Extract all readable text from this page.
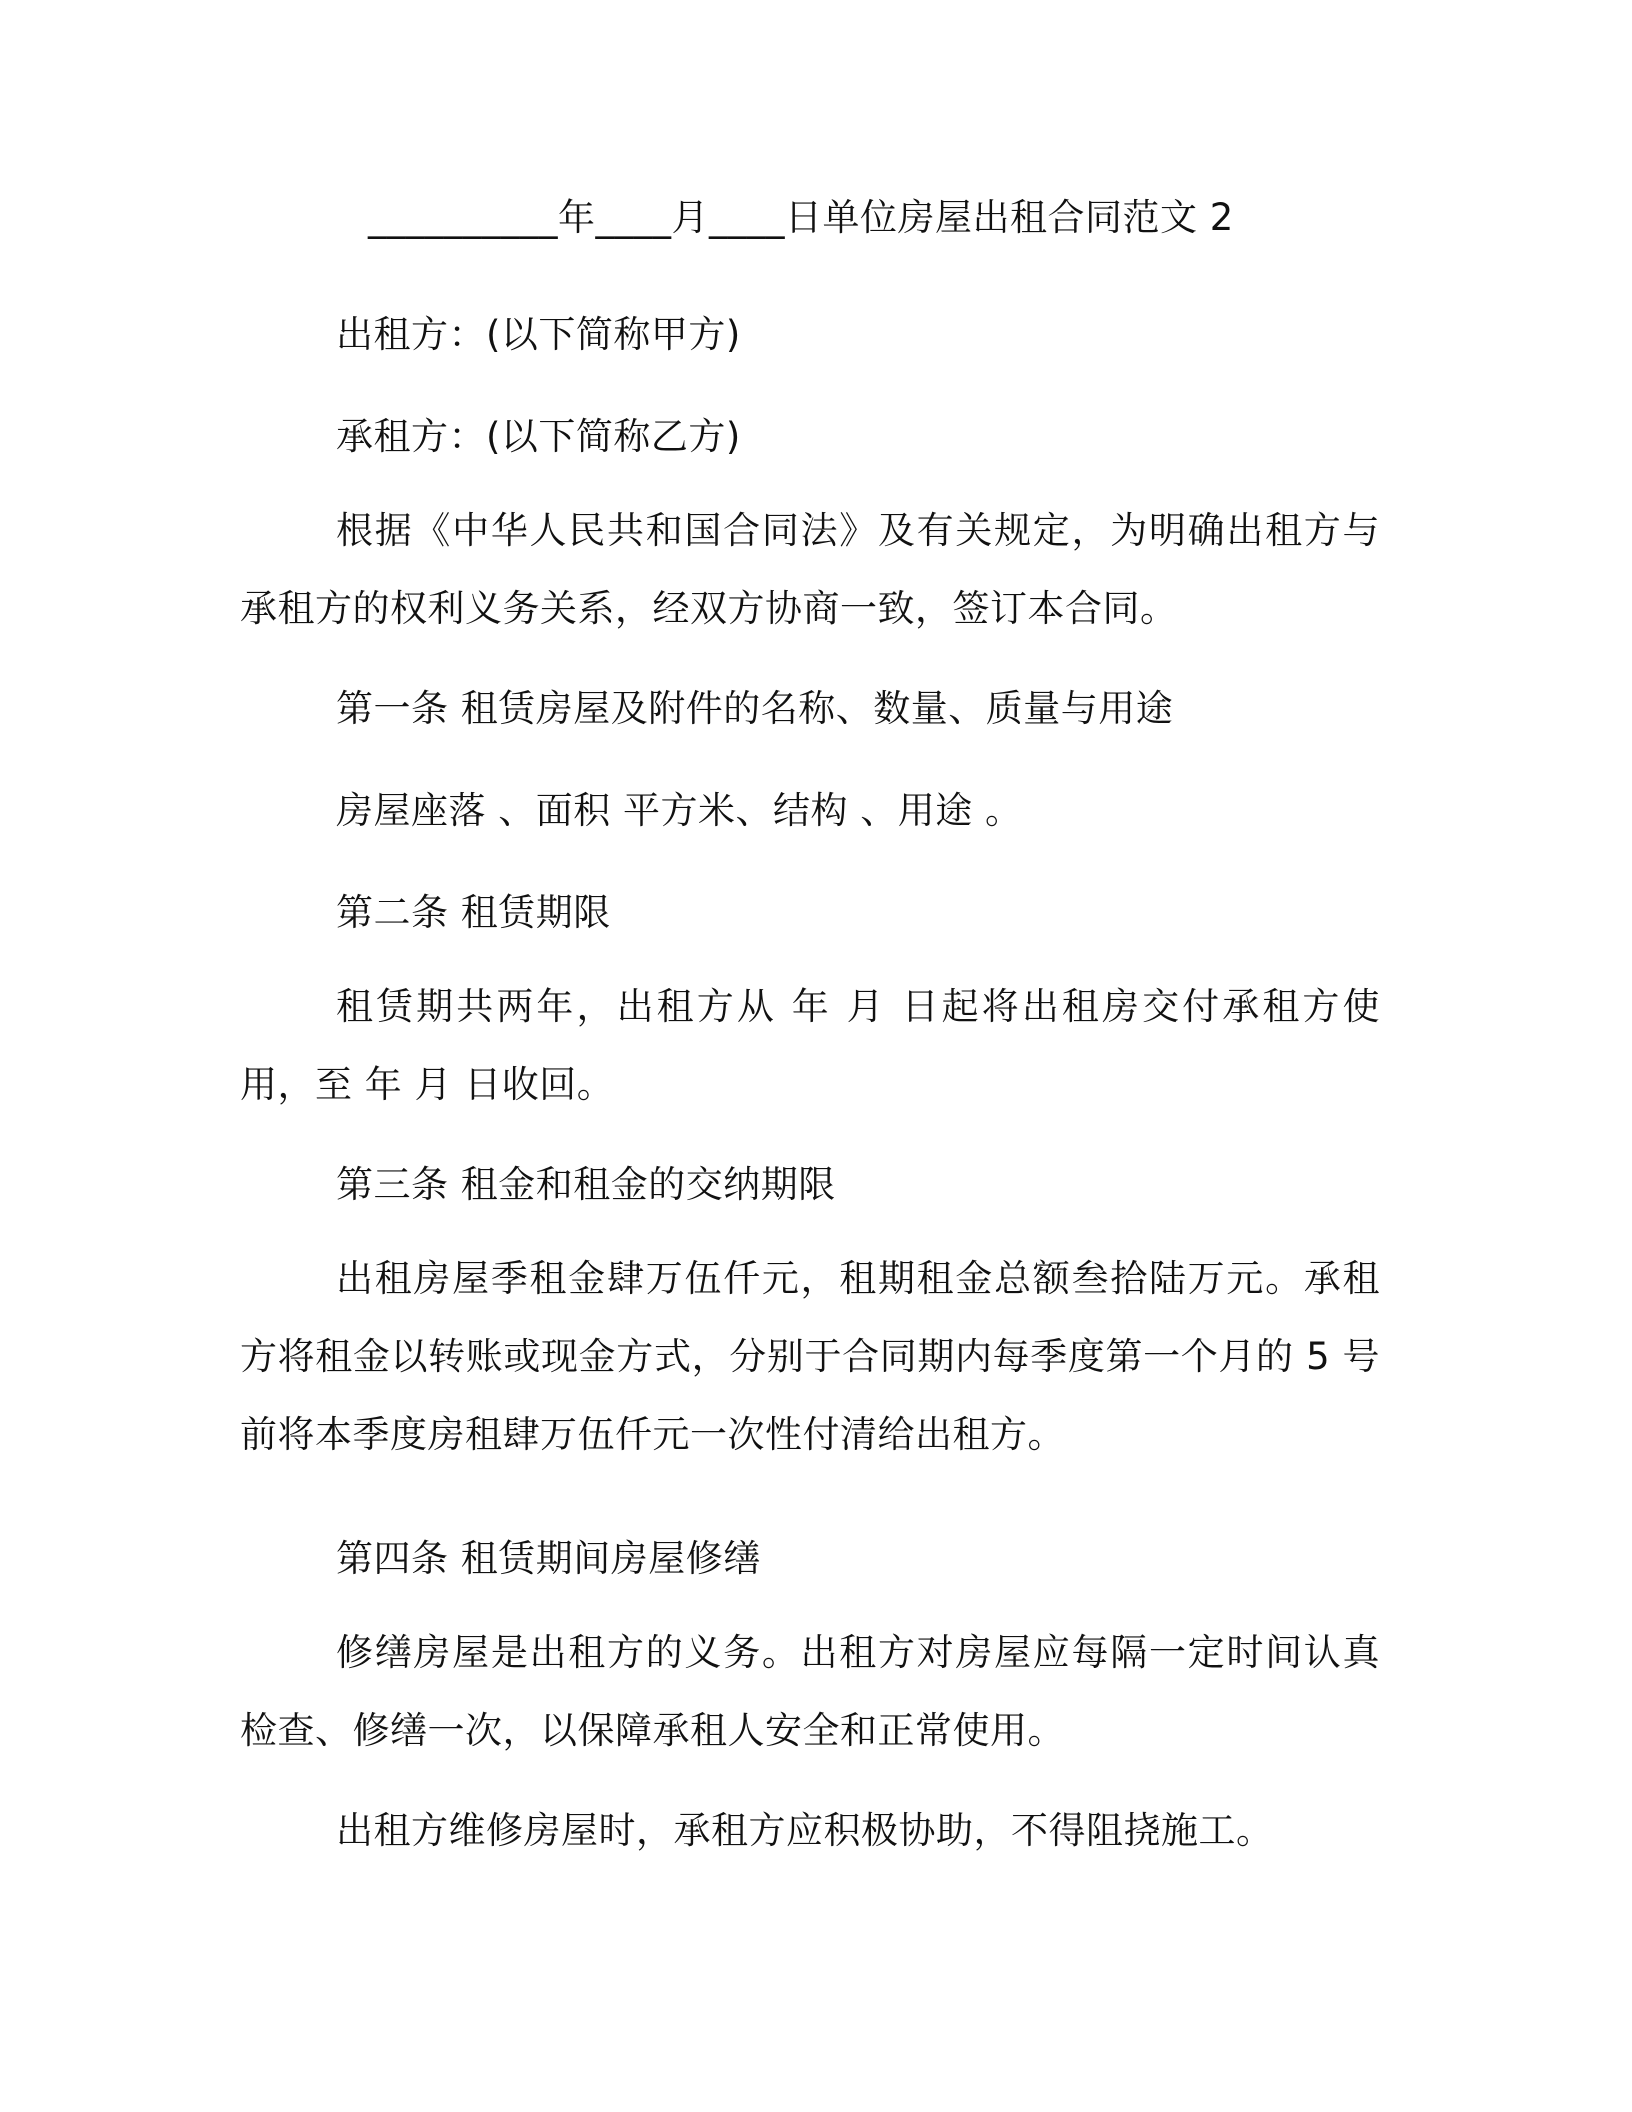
__________年____月____日单位房屋出租合同范文 2

出租方：(以下简称甲方)

承租方：(以下简称乙方)

根据《中华人民共和国合同法》及有关规定，为明确出租方与承租方的权利义务关系，经双方协商一致，签订本合同。

第一条 租赁房屋及附件的名称、数量、质量与用途

房屋座落 、面积 平方米、结构 、用途 。

第二条 租赁期限

租赁期共两年，出租方从 年 月 日起将出租房交付承租方使用，至 年 月 日收回。

第三条 租金和租金的交纳期限

出租房屋季租金肆万伍仟元，租期租金总额叁拾陆万元。承租方将租金以转账或现金方式，分别于合同期内每季度第一个月的 5 号前将本季度房租肆万伍仟元一次性付清给出租方。

第四条 租赁期间房屋修缮

修缮房屋是出租方的义务。出租方对房屋应每隔一定时间认真检查、修缮一次，以保障承租人安全和正常使用。

出租方维修房屋时，承租方应积极协助，不得阻挠施工。
